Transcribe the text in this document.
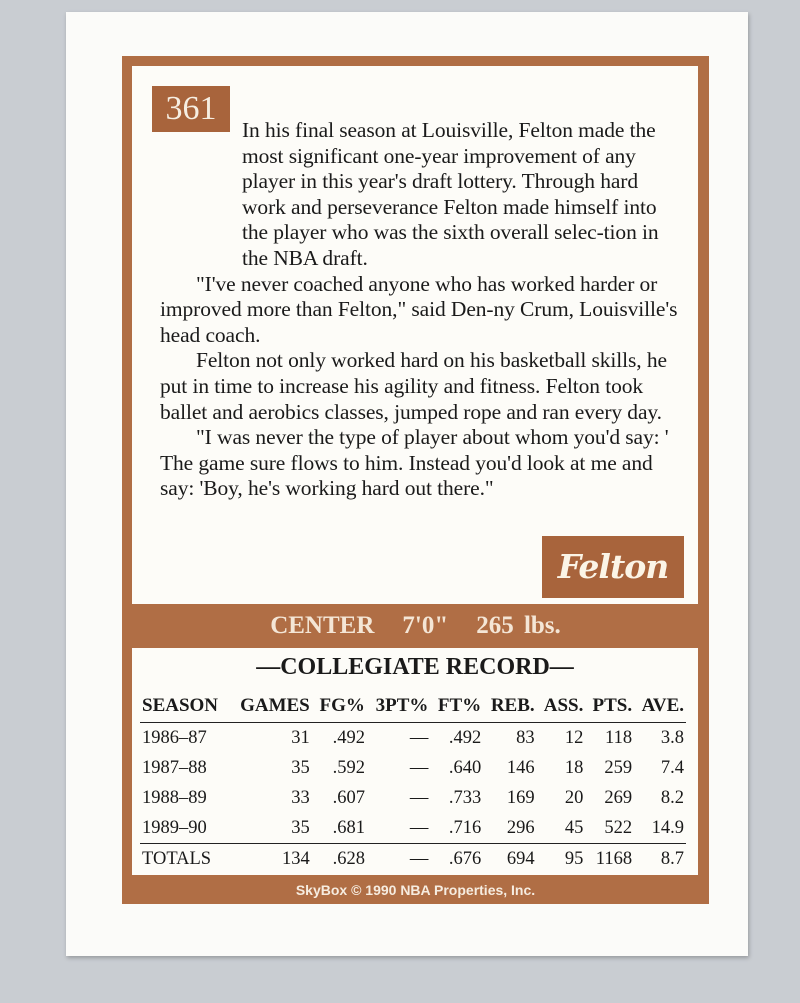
361

In his final season at Louisville, Felton made the most significant one-year improvement of any player in this year's draft lottery. Through hard work and perseverance Felton made himself into the player who was the sixth overall selec-tion in the NBA draft.

"I've never coached anyone who has worked harder or improved more than Felton," said Den-ny Crum, Louisville's head coach.

Felton not only worked hard on his basketball skills, he put in time to increase his agility and fitness. Felton took ballet and aerobics classes, jumped rope and ran every day.

"I was never the type of player about whom you'd say: ' The game sure flows to him. Instead you'd look at me and say: 'Boy, he's working hard out there."

Felton
CENTER 7'0" 265 lbs.
—COLLEGIATE RECORD—
SEASON	GAMES	FG%	3PT%	FT%	REB.	ASS.	PTS.	AVE.
1986–87	31	.492	—	.492	83	12	118	3.8
1987–88	35	.592	—	.640	146	18	259	7.4
1988–89	33	.607	—	.733	169	20	269	8.2
1989–90	35	.681	—	.716	296	45	522	14.9
TOTALS	134	.628	—	.676	694	95	1168	8.7
SkyBox © 1990 NBA Properties, Inc.
